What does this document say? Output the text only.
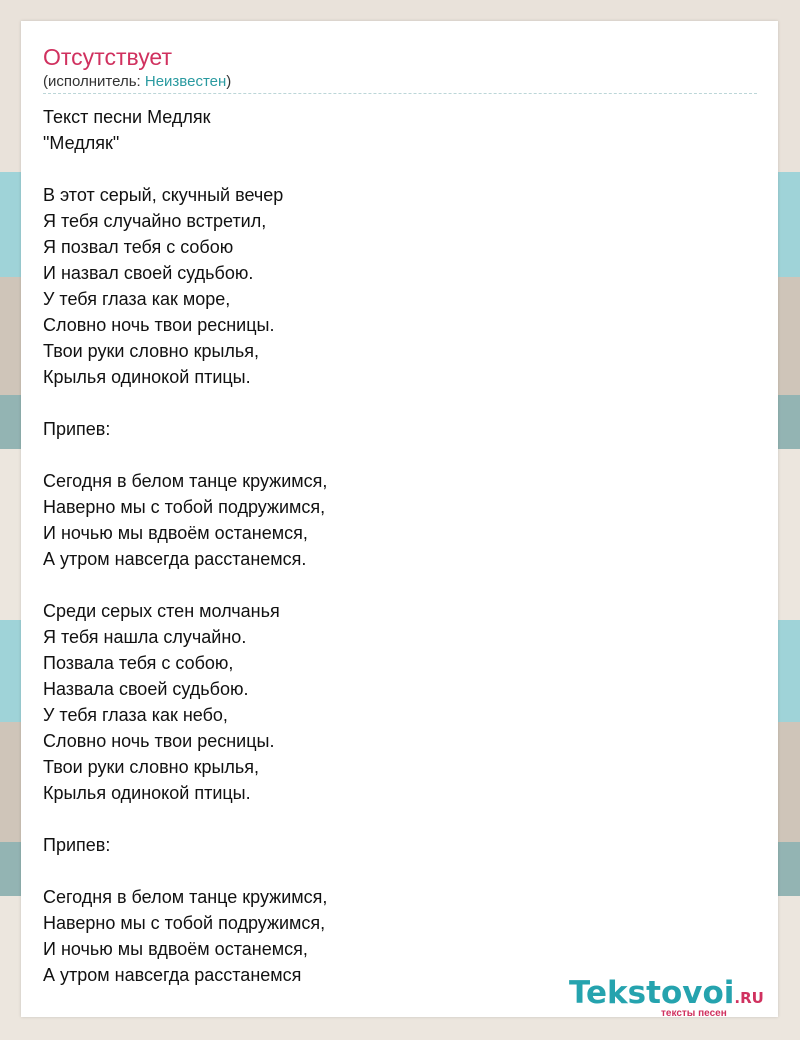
Отсутствует
(исполнитель: Неизвестен)
Текст песни Медляк
"Медляк"
В этот серый, скучный вечер
Я тебя случайно встретил,
Я позвал тебя с собою
И назвал своей судьбою.
У тебя глаза как море,
Словно ночь твои ресницы.
Твои руки словно крылья,
Крылья одинокой птицы.
Припев:
Сегодня в белом танце кружимся,
Наверно мы с тобой подружимся,
И ночью мы вдвоём останемся,
А утром навсегда расстанемся.
Среди серых стен молчанья
Я тебя нашла случайно.
Позвала тебя с собою,
Назвала своей судьбою.
У тебя глаза как небо,
Словно ночь твои ресницы.
Твои руки словно крылья,
Крылья одинокой птицы.
Припев:
Сегодня в белом танце кружимся,
Наверно мы с тобой подружимся,
И ночью мы вдвоём останемся,
А утром навсегда расстанемся	Tekstovoi.RU
тексты песен
